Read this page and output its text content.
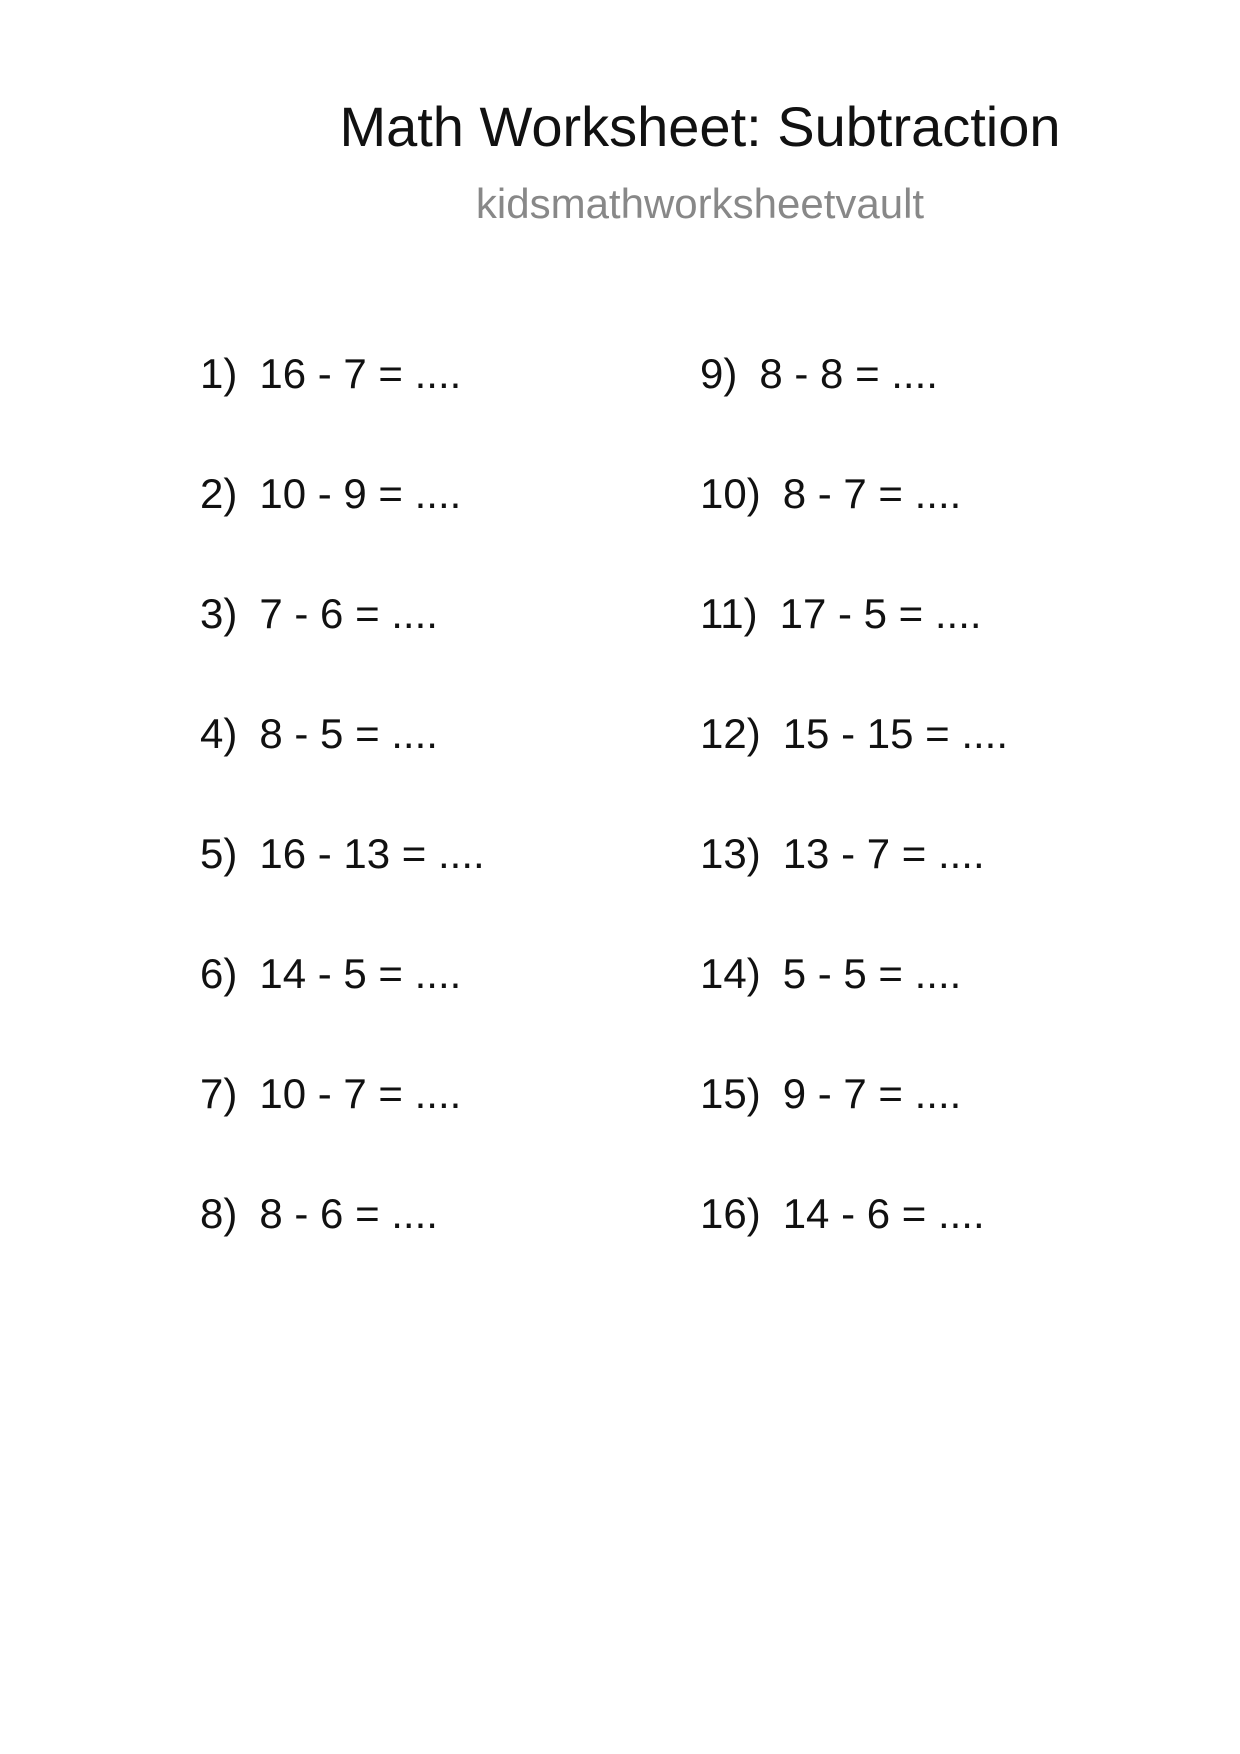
Math Worksheet: Subtraction
kidsmathworksheetvault
1) 16 - 7 = ....
2) 10 - 9 = ....
3) 7 - 6 = ....
4) 8 - 5 = ....
5) 16 - 13 = ....
6) 14 - 5 = ....
7) 10 - 7 = ....
8) 8 - 6 = ....
9) 8 - 8 = ....
10) 8 - 7 = ....
11) 17 - 5 = ....
12) 15 - 15 = ....
13) 13 - 7 = ....
14) 5 - 5 = ....
15) 9 - 7 = ....
16) 14 - 6 = ....
